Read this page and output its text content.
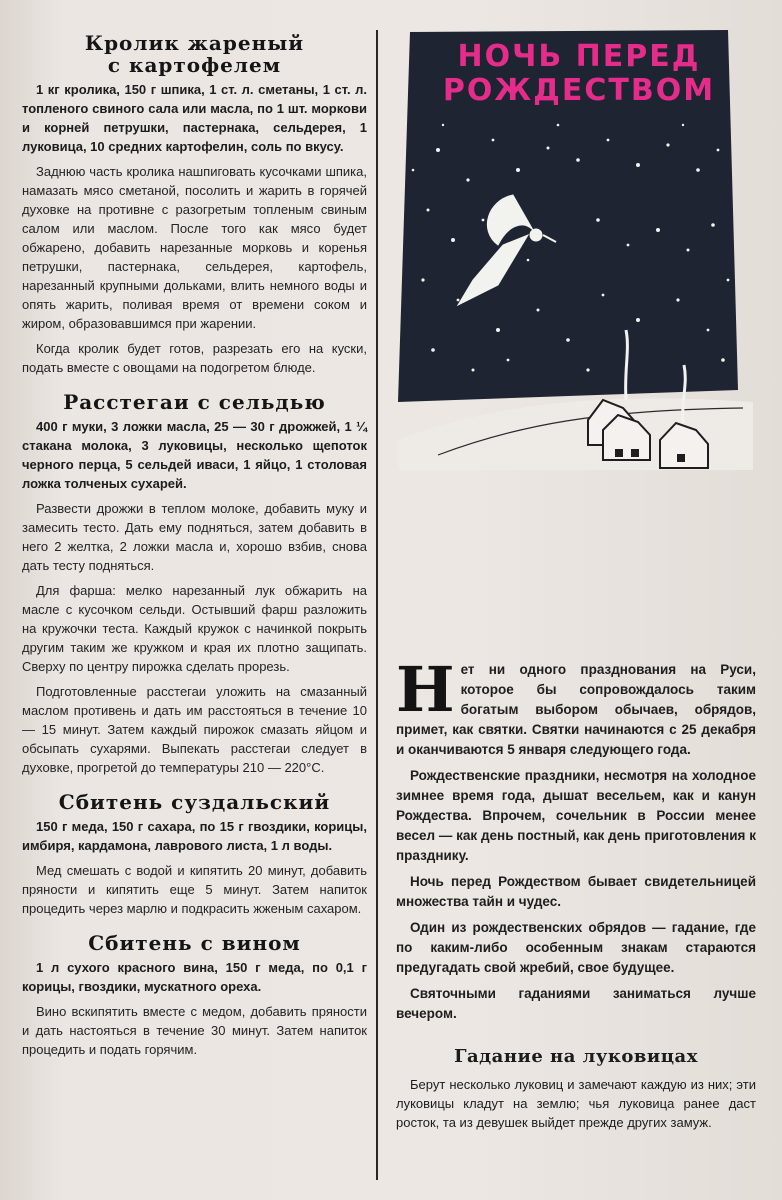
Кролик жареный
с картофелем

1 кг кролика, 150 г шпика, 1 ст. л. сметаны, 1 ст. л. топленого свиного сала или масла, по 1 шт. моркови и корней петрушки, пастернака, сельдерея, 1 луковица, 10 средних картофелин, соль по вкусу.

Заднюю часть кролика нашпиговать кусочками шпика, намазать мясо сметаной, посолить и жарить в горячей духовке на противне с разогретым топленым свиным салом или маслом. После того как мясо будет обжарено, добавить нарезанные морковь и коренья петрушки, пастернака, сельдерея, картофель, нарезанный крупными дольками, влить немного воды и опять жарить, поливая время от времени соком и жиром, образовавшимся при жарении.

Когда кролик будет готов, разрезать его на куски, подать вместе с овощами на подогретом блюде.

Расстегаи с сельдью

400 г муки, 3 ложки масла, 25 — 30 г дрожжей, 1 ¼ стакана молока, 3 луковицы, несколько щепоток черного перца, 5 сельдей иваси, 1 яйцо, 1 столовая ложка толченых сухарей.

Развести дрожжи в теплом молоке, добавить муку и замесить тесто. Дать ему подняться, затем добавить в него 2 желтка, 2 ложки масла и, хорошо взбив, снова дать тесту подняться.

Для фарша: мелко нарезанный лук обжарить на масле с кусочком сельди. Остывший фарш разложить на кружочки теста. Каждый кружок с начинкой покрыть другим таким же кружком и края их плотно защипать. Сверху по центру пирожка сделать прорезь.

Подготовленные расстегаи уложить на смазанный маслом противень и дать им расстояться в течение 10 — 15 минут. Затем каждый пирожок смазать яйцом и обсыпать сухарями. Выпекать расстегаи следует в духовке, прогретой до температуры 210 — 220°С.

Сбитень суздальский

150 г меда, 150 г сахара, по 15 г гвоздики, корицы, имбиря, кардамона, лаврового листа, 1 л воды.

Мед смешать с водой и кипятить 20 минут, добавить пряности и кипятить еще 5 минут. Затем напиток процедить через марлю и подкрасить жженым сахаром.

Сбитень с вином

1 л сухого красного вина, 150 г меда, по 0,1 г корицы, гвоздики, мускатного ореха.

Вино вскипятить вместе с медом, добавить пряности и дать настояться в течение 30 минут. Затем напиток процедить и подать горячим.

НОЧЬ ПЕРЕД
РОЖДЕСТВОМ

Н ет ни одного празднования на Руси, которое бы сопровождалось таким богатым выбором обычаев, обрядов, примет, как святки. Святки начинаются с 25 декабря и оканчиваются 5 января следующего года.

Рождественские праздники, несмотря на холодное зимнее время года, дышат весельем, как и канун Рождества. Впрочем, сочельник в России менее весел — как день постный, как день приготовления к празднику.

Ночь перед Рождеством бывает свидетельницей множества тайн и чудес.

Один из рождественских обрядов — гадание, где по каким-либо особенным знакам стараются предугадать свой жребий, свое будущее.

Святочными гаданиями заниматься лучше вечером.

Гадание на луковицах

Берут несколько луковиц и замечают каждую из них; эти луковицы кладут на землю; чья луковица ранее даст росток, та из девушек выйдет прежде других замуж.
